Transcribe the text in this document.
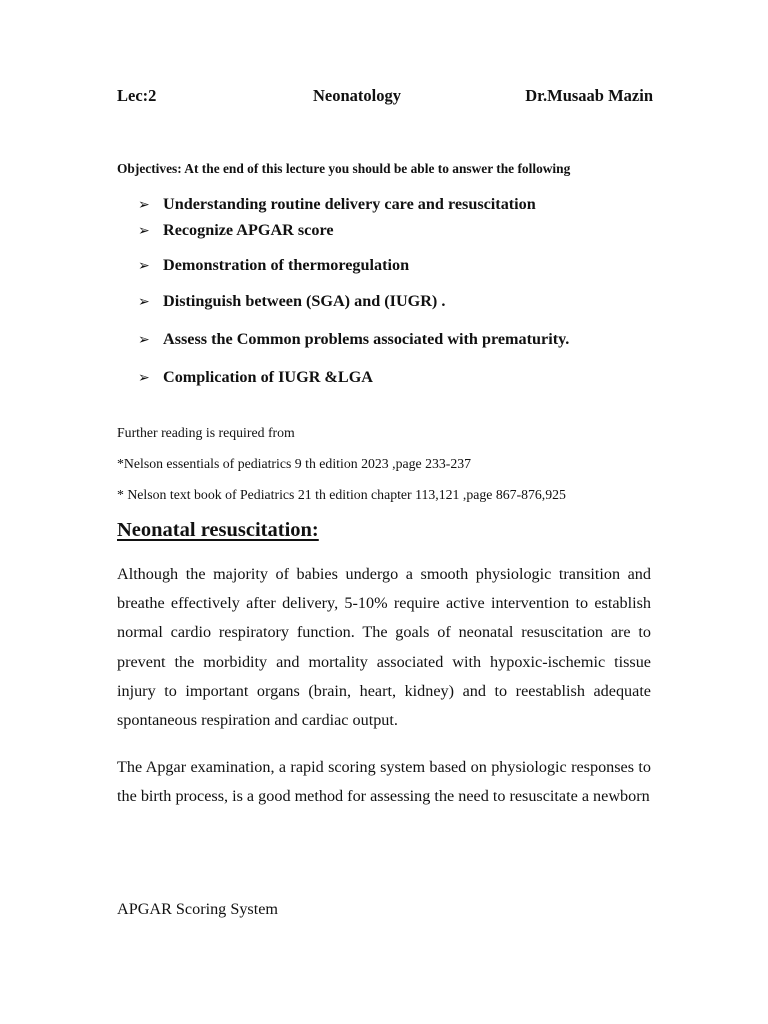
Lec:2	Neonatology	Dr.Musaab Mazin
Objectives: At the end of this lecture you should be able to answer the following
➢ Understanding routine delivery care and resuscitation
➢ Recognize APGAR score
➢ Demonstration of thermoregulation
➢ Distinguish between (SGA) and (IUGR) .
➢ Assess the Common problems associated with prematurity.
➢ Complication of IUGR &LGA
Further reading is required from
*Nelson essentials of pediatrics 9 th edition 2023 ,page 233-237
* Nelson text book of Pediatrics 21 th edition chapter 113,121 ,page 867-876,925
Neonatal resuscitation:
Although the majority of babies undergo a smooth physiologic transition and breathe effectively after delivery, 5-10% require active intervention to establish normal cardio respiratory function. The goals of neonatal resuscitation are to prevent the morbidity and mortality associated with hypoxic-ischemic tissue injury to important organs (brain, heart, kidney) and to reestablish adequate spontaneous respiration and cardiac output.
The Apgar examination, a rapid scoring system based on physiologic responses to the birth process, is a good method for assessing the need to resuscitate a newborn
APGAR Scoring System
